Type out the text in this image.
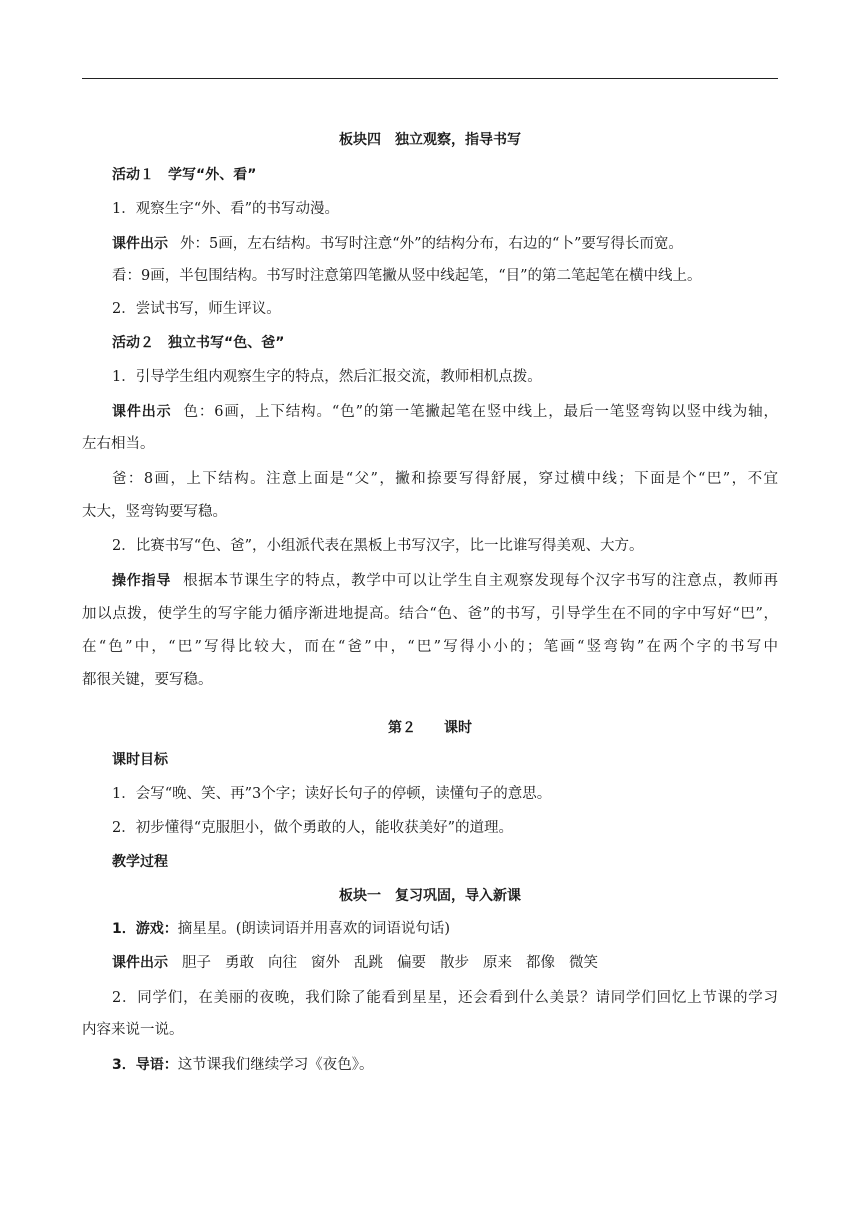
板块四　独立观察，指导书写
活动１　学写“外、看”
1．观察生字“外、看”的书写动漫。
课件出示 外：5画，左右结构。书写时注意“外”的结构分布，右边的“卜”要写得长而宽。
看：9画，半包围结构。书写时注意第四笔撇从竖中线起笔，“目”的第二笔起笔在横中线上。
2．尝试书写，师生评议。
活动２　独立书写“色、爸”
1．引导学生组内观察生字的特点，然后汇报交流，教师相机点拨。
课件出示 色：6画，上下结构。“色”的第一笔撇起笔在竖中线上，最后一笔竖弯钩以竖中线为轴，
左右相当。
爸：8画，上下结构。注意上面是“父”，撇和捺要写得舒展，穿过横中线；下面是个“巴”，不宜
太大，竖弯钩要写稳。
2．比赛书写“色、爸”，小组派代表在黑板上书写汉字，比一比谁写得美观、大方。
操作指导 根据本节课生字的特点，教学中可以让学生自主观察发现每个汉字书写的注意点，教师再
加以点拨，使学生的写字能力循序渐进地提高。结合“色、爸”的书写，引导学生在不同的字中写好“巴”，
在“色”中，“巴”写得比较大，而在“爸”中，“巴”写得小小的；笔画“竖弯钩”在两个字的书写中
都很关键，要写稳。
第２　　课时
课时目标
1．会写“晚、笑、再”3个字；读好长句子的停顿，读懂句子的意思。
2．初步懂得“克服胆小，做个勇敢的人，能收获美好”的道理。
教学过程
板块一　复习巩固，导入新课
1．游戏：摘星星。(朗读词语并用喜欢的词语说句话)
课件出示 胆子 勇敢 向往 窗外 乱跳 偏要 散步 原来 都像 微笑
2．同学们，在美丽的夜晚，我们除了能看到星星，还会看到什么美景？请同学们回忆上节课的学习
内容来说一说。
3．导语：这节课我们继续学习《夜色》。
